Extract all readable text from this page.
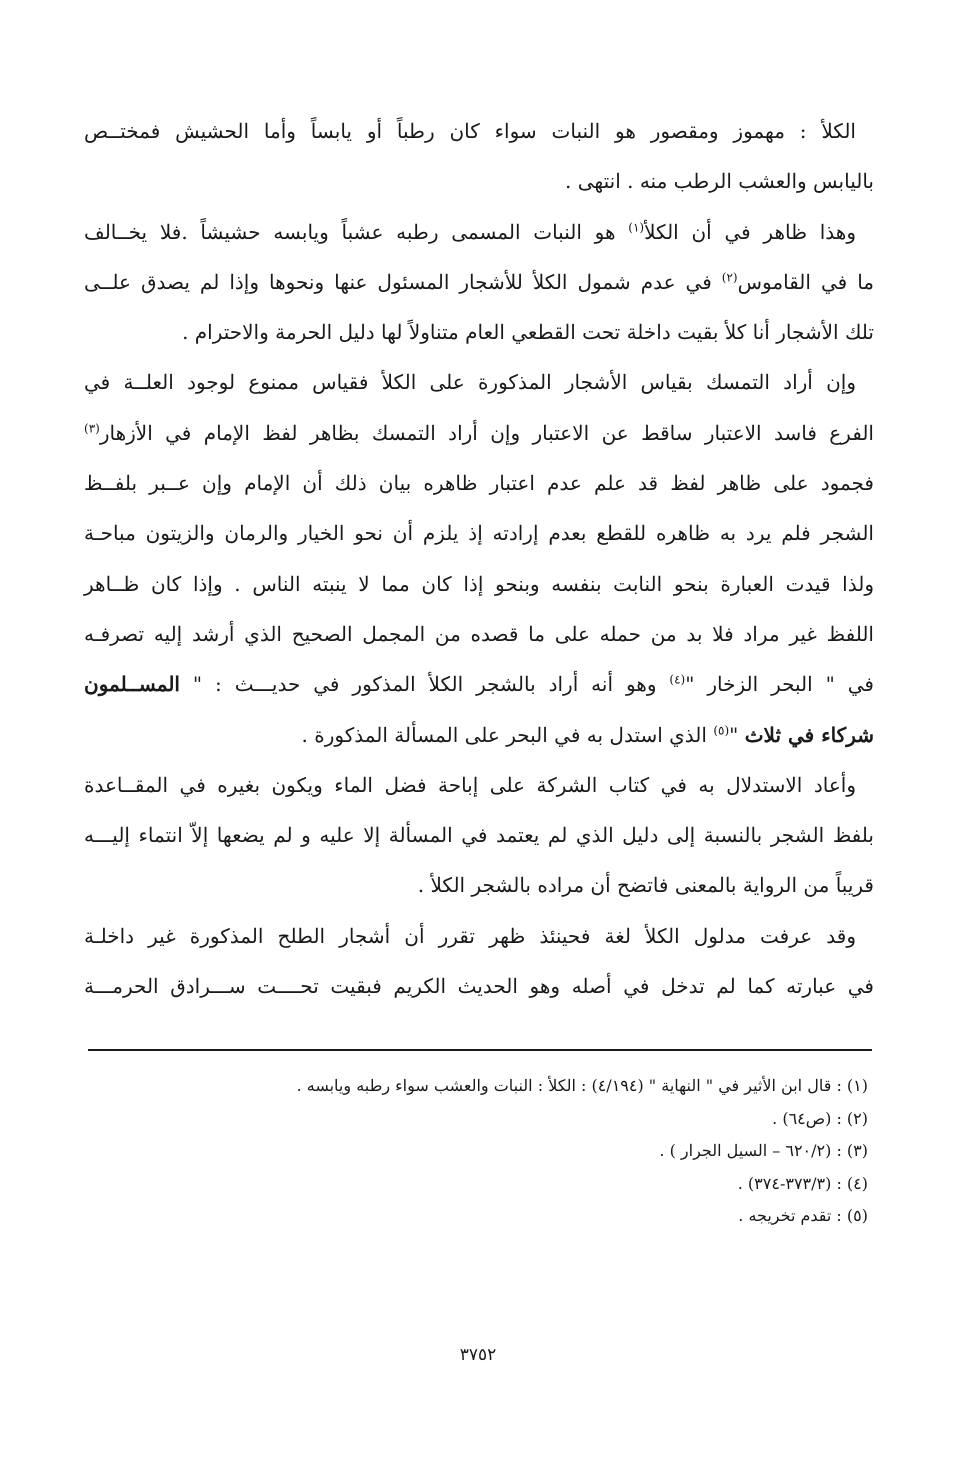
الكلأ : مهموز ومقصور هو النبات سواء كان رطباً أو يابساً وأما الحشيش فمختــص

باليابس والعشب الرطب منه . انتهى .

وهذا ظاهر في أن الكلأ$^{(١)}$ هو النبات المسمى رطبه عشباً ويابسه حشيشاً .فلا يخــالف

ما في القاموس$^{(٢)}$ في عدم شمول الكلأ للأشجار المسئول عنها ونحوها وإذا لم يصدق علــى

تلك الأشجار أنا كلأ بقيت داخلة تحت القطعي العام متناولاً لها دليل الحرمة والاحترام .

وإن أراد التمسك بقياس الأشجار المذكورة على الكلأ فقياس ممنوع لوجود العلــة في

الفرع فاسد الاعتبار ساقط عن الاعتبار وإن أراد التمسك بظاهر لفظ الإمام في الأزهار$^{(٣)}$

فجمود على ظاهر لفظ قد علم عدم اعتبار ظاهره بيان ذلك أن الإمام وإن عــبر بلفــظ

الشجر فلم يرد به ظاهره للقطع بعدم إرادته إذ يلزم أن نحو الخيار والرمان والزيتون مباحـة

ولذا قيدت العبارة بنحو النابت بنفسه وبنحو إذا كان مما لا ينبته الناس . وإذا كان ظــاهر

اللفظ غير مراد فلا بد من حمله على ما قصده من المجمل الصحيح الذي أرشد إليه تصرفـه

في " البحر الزخار "$^{(٤)}$ وهو أنه أراد بالشجر الكلأ المذكور في حديـــث : " المســلمون

شركاء في ثلاث "$^{(٥)}$ الذي استدل به في البحر على المسألة المذكورة .

وأعاد الاستدلال به في كتاب الشركة على إباحة فضل الماء ويكون بغيره في المقــاعدة

بلفظ الشجر بالنسبة إلى دليل الذي لم يعتمد في المسألة إلا عليه و لم يضعها إلاّ انتماء إليـــه

قريباً من الرواية بالمعنى فاتضح أن مراده بالشجر الكلأ .

وقد عرفت مدلول الكلأ لغة فحينئذ ظهر تقرر أن أشجار الطلح المذكورة غير داخلـة

في عبارته كما لم تدخل في أصله وهو الحديث الكريم فبقيت تحــــت ســـرادق الحرمـــة

(١) : قال ابن الأثير في " النهاية " (٤/١٩٤) : الكلأ : النبات والعشب سواء رطبه ويابسه .

(٢) : (ص٦٤) .

(٣) : (٦٢٠/٢ – السيل الجرار ) .

(٤) : (٣٧٣/٣-٣٧٤) .

(٥) : تقدم تخريجه .

٣٧٥٢
